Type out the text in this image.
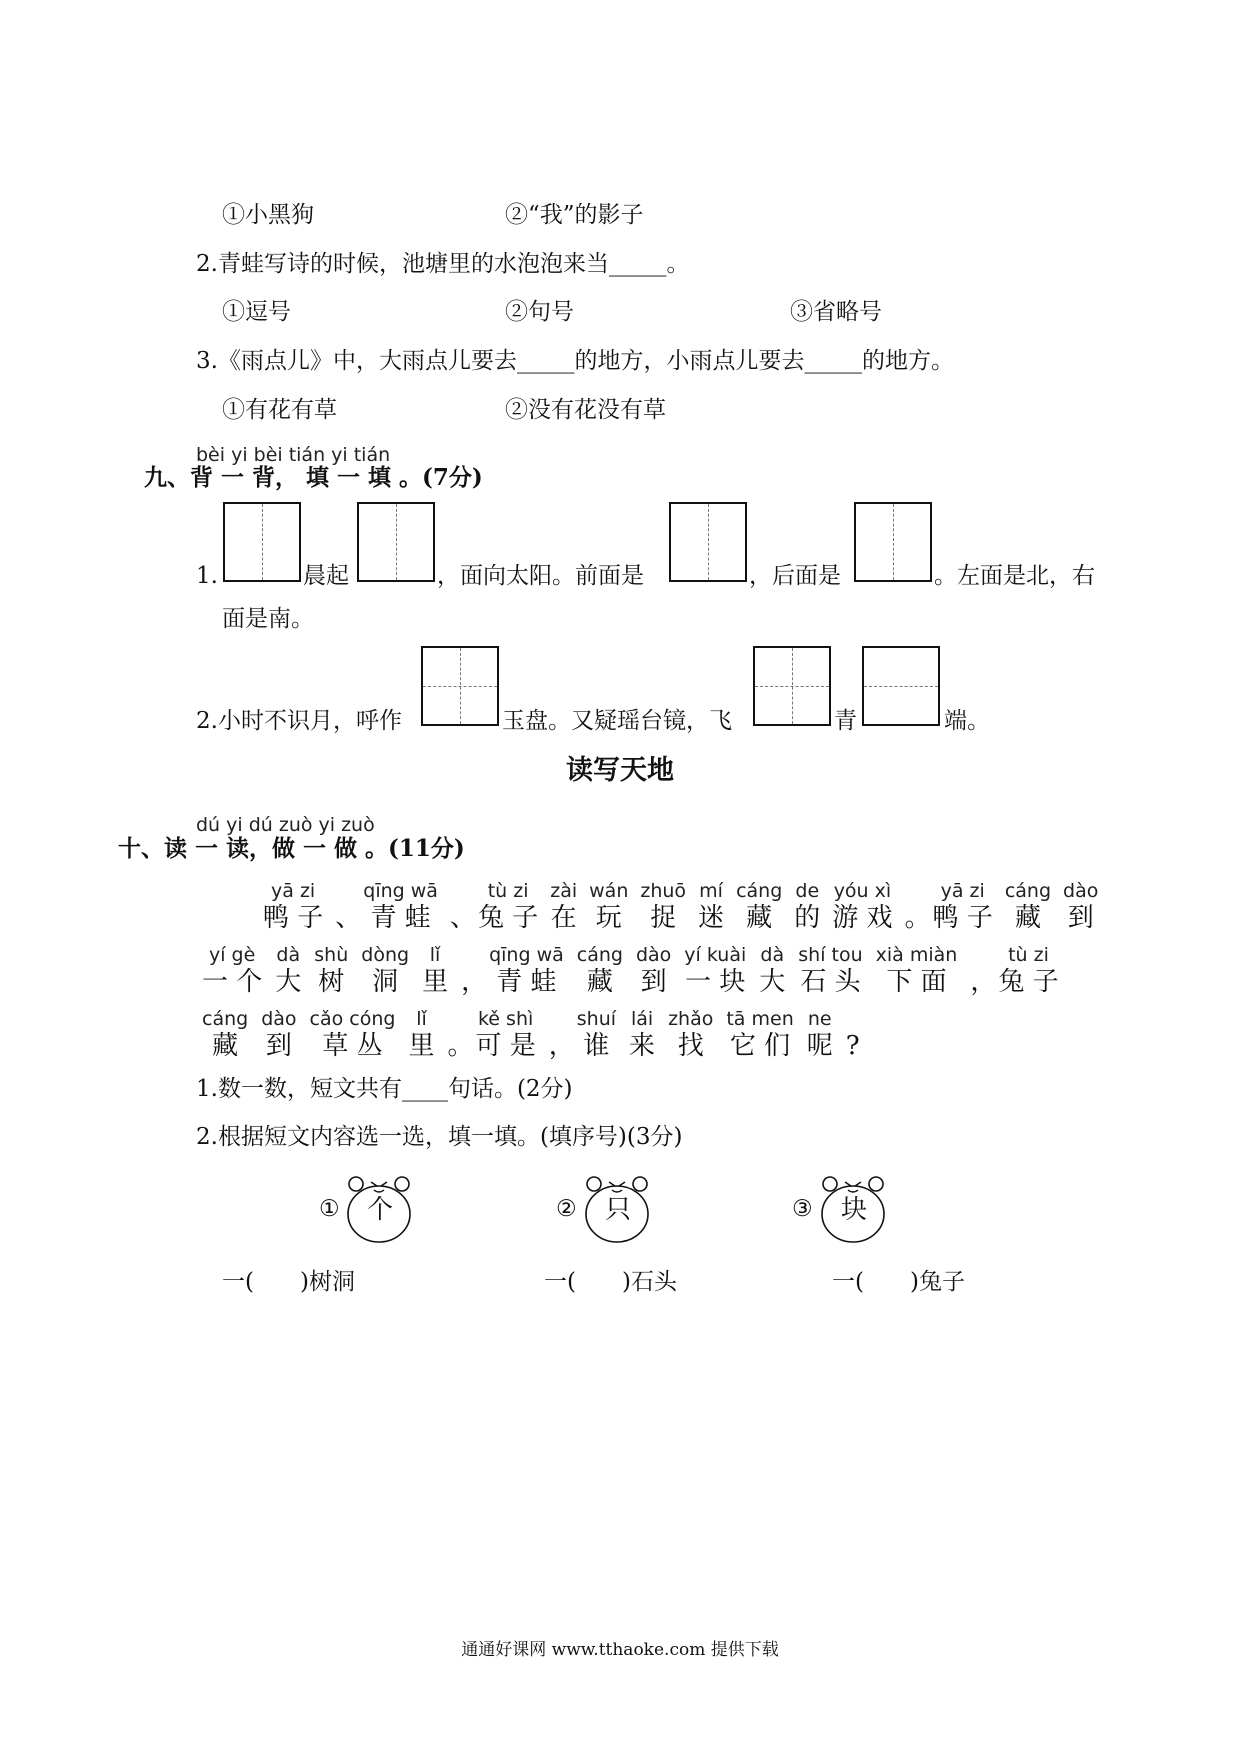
①小黑狗	②“我”的影子
2.青蛙写诗的时候，池塘里的水泡泡来当_____。
①逗号	②句号	③省略号
3.《雨点儿》中，大雨点儿要去_____的地方，小雨点儿要去_____的地方。
①有花有草	②没有花没有草
bèi yi bèi tián yi tián
九、背 一 背， 填 一 填 。(7分)
1.	晨起	，面向太阳。前面是	，后面是	。左面是北，右
面是南。
2.小时不识月，呼作	玉盘。又疑瑶台镜，飞	青	端。
读写天地
dú yi dú zuò yi zuò
十、读 一 读，做 一 做 。(11分)
yā zi
鸭 子 、
qīng wā
青 蛙 、
tù zi
兔 子
zài
在
wán
玩
zhuō
捉
mí
迷
cáng
藏
de
的
yóu xì
游 戏 。
yā zi
鸭 子
cáng
藏
dào
到
yí gè
一 个
dà
大
shù
树
dòng
洞
lǐ
里 ，
qīng wā
青 蛙
cáng
藏
dào
到
yí kuài
一 块
dà
大
shí tou
石 头
xià miàn
下 面 ，
tù zi
兔 子
cáng
藏
dào
到
cǎo cóng
草 丛
lǐ
里 。
kě shì
可 是 ，
shuí
谁
lái
来
zhǎo
找
tā men
它 们
ne
呢 ?
1.数一数，短文共有____句话。(2分)
2.根据短文内容选一选，填一填。(填序号)(3分)
① 个	② 只	③ 块
一(　　)树洞	一(　　)石头	一(　　)兔子
通通好课网 www.tthaoke.com 提供下载
